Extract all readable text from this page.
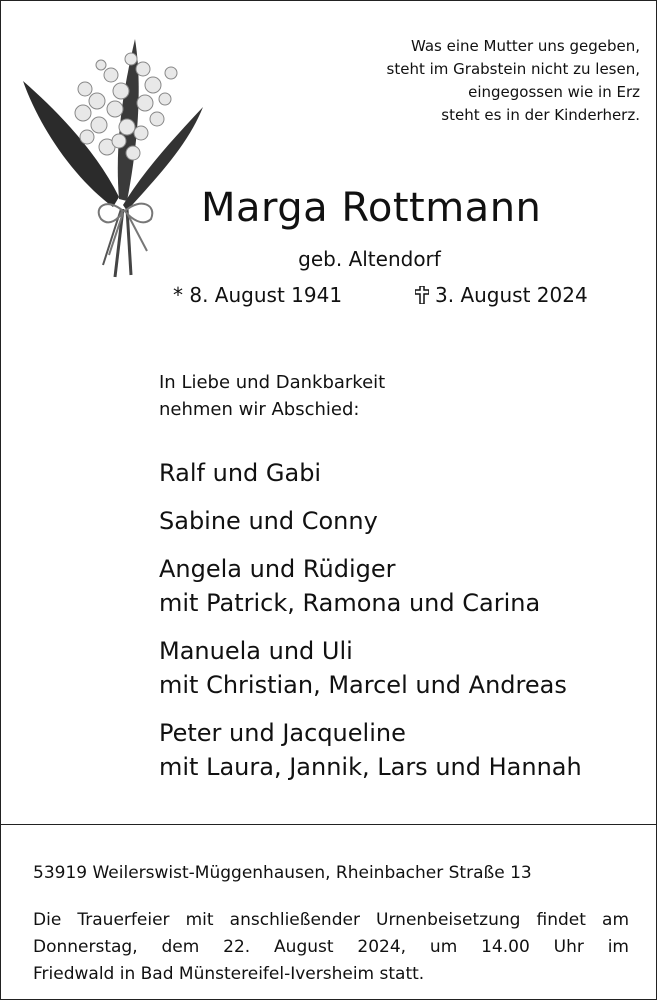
Was eine Mutter uns gegeben,
steht im Grabstein nicht zu lesen,
eingegossen wie in Erz
steht es in der Kinderherz.
Marga Rottmann
geb. Altendorf
* 8. August 1941	3. August 2024
In Liebe und Dankbarkeit
nehmen wir Abschied:
Ralf und Gabi
Sabine und Conny
Angela und Rüdiger
mit Patrick, Ramona und Carina
Manuela und Uli
mit Christian, Marcel und Andreas
Peter und Jacqueline
mit Laura, Jannik, Lars und Hannah
53919 Weilerswist-Müggenhausen, Rheinbacher Straße 13
Die Trauerfeier mit anschließender Urnenbeisetzung findet am
Donnerstag, dem 22. August 2024, um 14.00 Uhr im
Friedwald in Bad Münstereifel-Iversheim statt.
